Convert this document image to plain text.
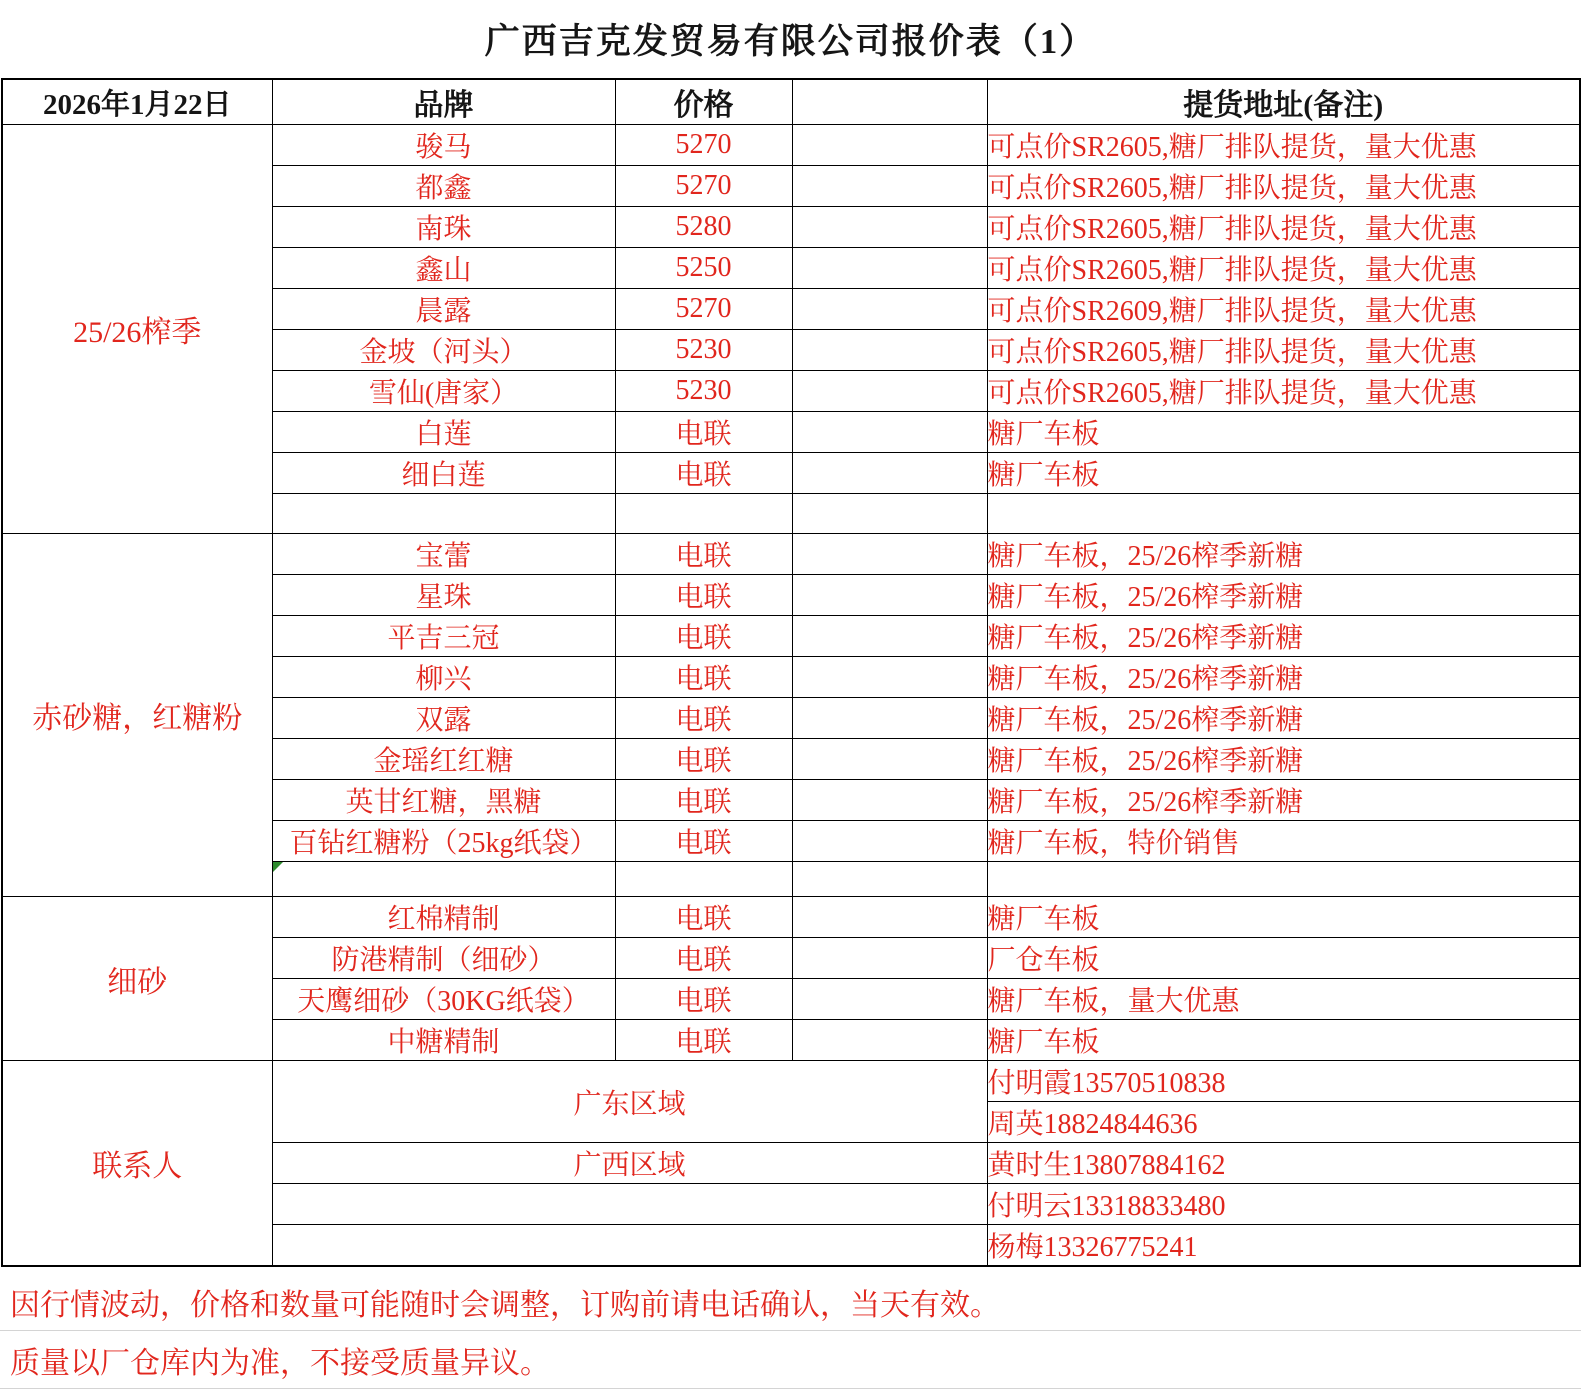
广西吉克发贸易有限公司报价表（1）
2026年1月22日	品牌	价格		提货地址(备注)
25/26榨季	骏马	5270		可点价SR2605,糖厂排队提货，量大优惠
	都鑫	5270		可点价SR2605,糖厂排队提货，量大优惠
	南珠	5280		可点价SR2605,糖厂排队提货，量大优惠
	鑫山	5250		可点价SR2605,糖厂排队提货，量大优惠
	晨露	5270		可点价SR2609,糖厂排队提货，量大优惠
	金坡（河头）	5230		可点价SR2605,糖厂排队提货，量大优惠
	雪仙(唐家）	5230		可点价SR2605,糖厂排队提货，量大优惠
	白莲	电联		糖厂车板
	细白莲	电联		糖厂车板

赤砂糖，红糖粉	宝蕾	电联		糖厂车板，25/26榨季新糖
	星珠	电联		糖厂车板，25/26榨季新糖
	平吉三冠	电联		糖厂车板，25/26榨季新糖
	柳兴	电联		糖厂车板，25/26榨季新糖
	双露	电联		糖厂车板，25/26榨季新糖
	金瑶红红糖	电联		糖厂车板，25/26榨季新糖
	英甘红糖，黑糖	电联		糖厂车板，25/26榨季新糖
	百钻红糖粉（25kg纸袋）	电联		糖厂车板，特价销售

细砂	红棉精制	电联		糖厂车板
	防港精制（细砂）	电联		厂仓车板
	天鹰细砂（30KG纸袋）	电联		糖厂车板，量大优惠
	中糖精制	电联		糖厂车板
联系人	广东区域			付明霞13570510838
				周英18824844636
	广西区域			黄时生13807884162
				付明云13318833480
				杨梅13326775241
因行情波动，价格和数量可能随时会调整，订购前请电话确认，当天有效。
质量以厂仓库内为准，不接受质量异议。
